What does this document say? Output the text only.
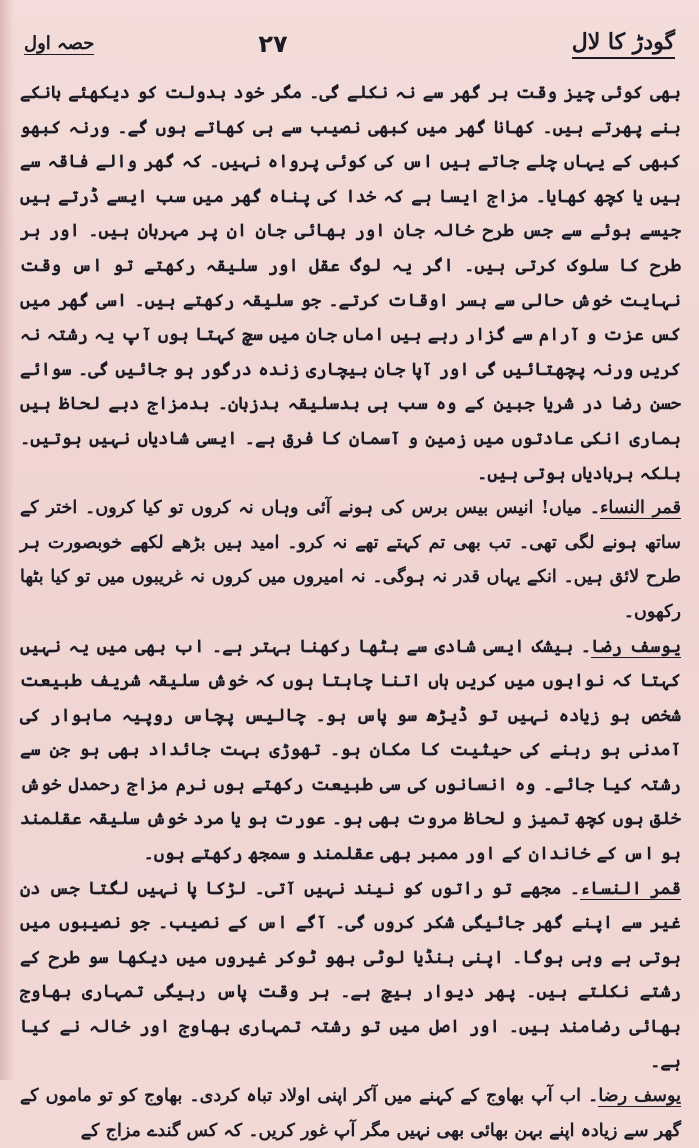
گودڑ کا لال
۲۷
حصہ اول

بھی کوئی چیز وقت بر گھر سے نہ نکلے گی۔ مگر خود بدولت کو دیکھئے بانکے بنے پھرتے ہیں۔ کھانا گھر میں کبھی نصیب سے ہی کھاتے ہوں گے۔ ورنہ کبھو کبھی کے یہاں چلے جاتے ہیں اس کی کوئی پرواہ نہیں۔ کہ گھر والے فاقہ سے ہیں یا کچھ کھایا۔ مزاج ایسا ہے کہ خدا کی پناہ گھر میں سب ایسے ڈرتے ہیں جیسے ہوئے سے جس طرح خالہ جان اور بھائی جان ان پر مہربان ہیں۔ اور ہر طرح کا سلوک کرتی ہیں۔ اگر یہ لوگ عقل اور سلیقہ رکھتے تو اس وقت نہایت خوش حالی سے بسر اوقات کرتے۔ جو سلیقہ رکھتے ہیں۔ اسی گھر میں کس عزت و آرام سے گزار رہے ہیں اماں جان میں سچ کہتا ہوں آپ یہ رشتہ نہ کریں ورنہ پچھتائیں گی اور آپا جان بیچاری زندہ درگور ہو جائیں گی۔ سوائے حسن رضا در شریا جبین کے وہ سب ہی بدسلیقہ بدزبان۔ بدمزاج دبے لحاظ ہیں ہماری انکی عادتوں میں زمین و آسمان کا فرق ہے۔ ایسی شادیاں نہیں ہوتیں۔ بلکہ بربادیاں ہوتی ہیں۔

قمر النساء۔ میاں! انیس بیس برس کی ہونے آئی وہاں نہ کروں تو کیا کروں۔ اختر کے ساتھ ہونے لگی تھی۔ تب بھی تم کہتے تھے نہ کرو۔ امید ہیں بڑھے لکھے خوبصورت ہر طرح لائق ہیں۔ انکے یہاں قدر نہ ہوگی۔ نہ امیروں میں کروں نہ غریبوں میں تو کیا بٹھا رکھوں۔

یوسف رضا۔ بیشک ایسی شادی سے بٹھا رکھنا بہتر ہے۔ اب بھی میں یہ نہیں کہتا کہ نوابوں میں کریں ہاں اتنا چاہتا ہوں کہ خوش سلیقہ شریف طبیعت شخص ہو زیادہ نہیں تو ڈیڑھ سو پاس ہو۔ چالیس پچاس روپیہ ماہوار کی آمدنی ہو رہنے کی حیثیت کا مکان ہو۔ تھوڑی بہت جائداد بھی ہو جن سے رشتہ کیا جائے۔ وہ انسانوں کی سی طبیعت رکھتے ہوں نرم مزاج رحمدل خوش خلق ہوں کچھ تمیز و لحاظ مروت بھی ہو۔ عورت ہو یا مرد خوش سلیقہ عقلمند ہو اس کے خاندان کے اور ممبر بھی عقلمند و سمجھ رکھتے ہوں۔

قمر النساء۔ مجھے تو راتوں کو نیند نہیں آتی۔ لڑکا پا نہیں لگتا جس دن غیر سے اپنے گھر جائیگی شکر کروں گی۔ آگے اس کے نصیب۔ جو نصیبوں میں ہوتی ہے وہی ہوگا۔ اپنی ہنڈیا لوٹی بھو ٹوکر غیروں میں دیکھا سو طرح کے رشتے نکلتے ہیں۔ پھر دیوار بیچ ہے۔ ہر وقت پاس رہیگی تمہاری بھاوج بھائی رضامند ہیں۔ اور اصل میں تو رشتہ تمہاری بھاوج اور خالہ نے کیا ہے۔

یوسف رضا۔ اب آپ بھاوج کے کہنے میں آکر اپنی اولاد تباہ کردی۔ بھاوج کو تو ماموں کے گھر سے زیادہ اپنے بہن بھائی بھی نہیں مگر آپ غور کریں۔ کہ کس گندے مزاج کے
